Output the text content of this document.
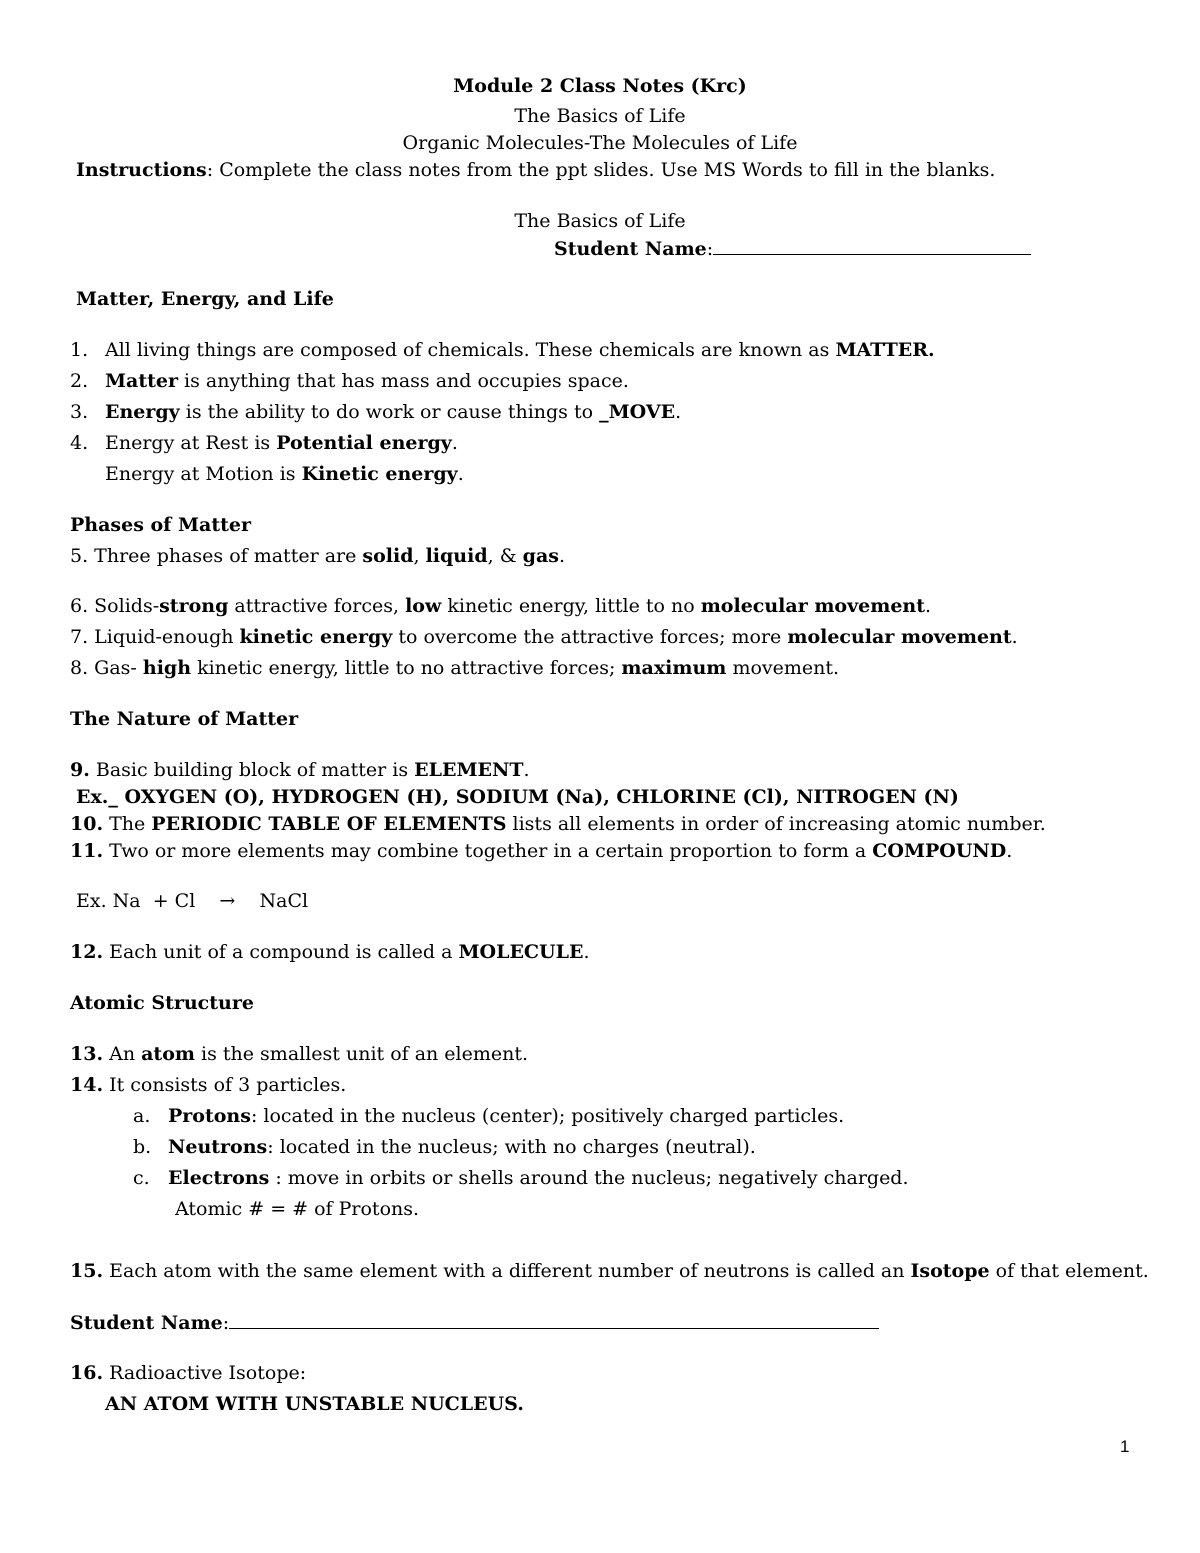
Module 2 Class Notes (Krc)
The Basics of Life
Organic Molecules-The Molecules of Life
Instructions: Complete the class notes from the ppt slides. Use MS Words to fill in the blanks.
The Basics of Life
Student Name:
Matter, Energy, and Life
1. All living things are composed of chemicals. These chemicals are known as MATTER.
2. Matter is anything that has mass and occupies space.
3. Energy is the ability to do work or cause things to _MOVE.
4. Energy at Rest is Potential energy.
Energy at Motion is Kinetic energy.
Phases of Matter
5. Three phases of matter are solid, liquid, & gas.
6. Solids-strong attractive forces, low kinetic energy, little to no molecular movement.
7. Liquid-enough kinetic energy to overcome the attractive forces; more molecular movement.
8. Gas- high kinetic energy, little to no attractive forces; maximum movement.
The Nature of Matter
9. Basic building block of matter is ELEMENT.
Ex._ OXYGEN (O), HYDROGEN (H), SODIUM (Na), CHLORINE (Cl), NITROGEN (N)
10. The PERIODIC TABLE OF ELEMENTS lists all elements in order of increasing atomic number.
11. Two or more elements may combine together in a certain proportion to form a COMPOUND.
Ex. Na  + Cl    →    NaCl
12. Each unit of a compound is called a MOLECULE.
Atomic Structure
13. An atom is the smallest unit of an element.
14. It consists of 3 particles.
a. Protons: located in the nucleus (center); positively charged particles.
b. Neutrons: located in the nucleus; with no charges (neutral).
c. Electrons : move in orbits or shells around the nucleus; negatively charged.
Atomic # = # of Protons.
15. Each atom with the same element with a different number of neutrons is called an Isotope of that element.
Student Name:
16. Radioactive Isotope:
AN ATOM WITH UNSTABLE NUCLEUS.
1
